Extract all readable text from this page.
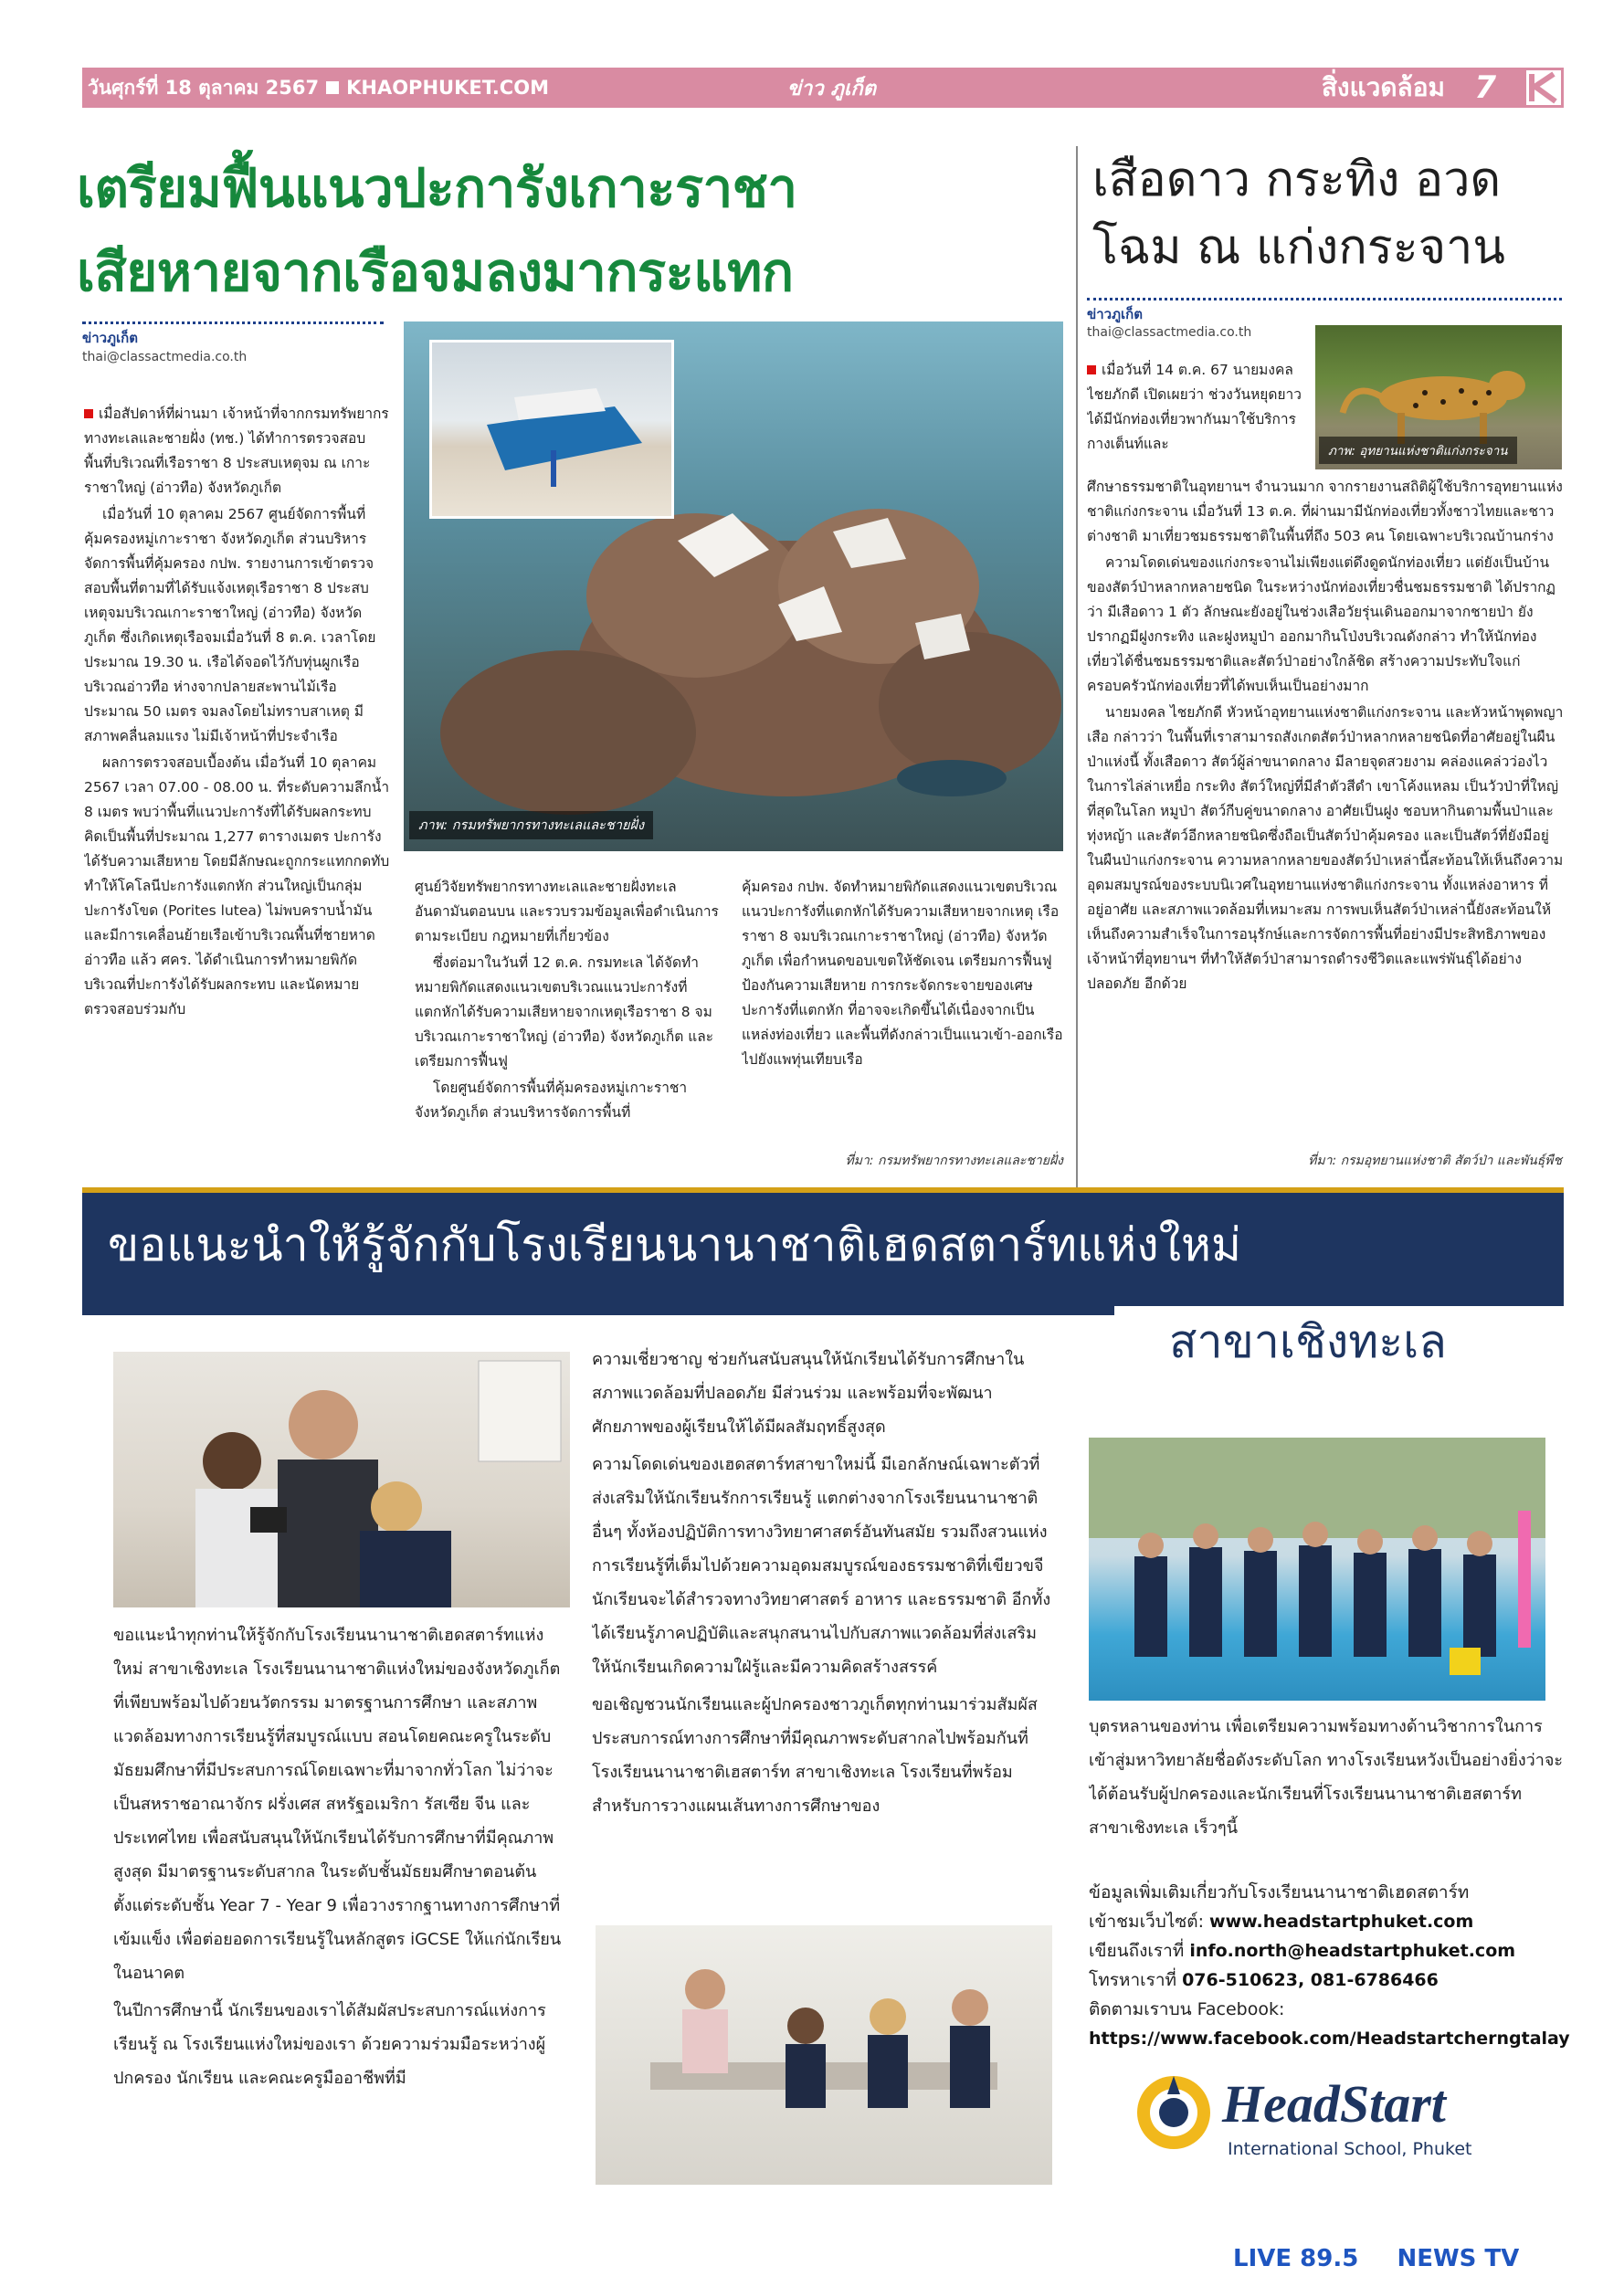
วันศุกร์ที่ 18 ตุลาคม 2567 KHAOPHUKET.COM	ข่าว ภูเก็ต	สิ่งแวดล้อม 7
เตรียมฟื้นแนวปะการังเกาะราชา
เสียหายจากเรือจมลงมากระแทก
เสือดาว กระทิง อวด
โฉม ณ แก่งกระจาน
ข่าวภูเก็ต
thai@classactmedia.co.th
ภาพ: กรมทรัพยากรทางทะเลและชายฝั่ง

เมื่อสัปดาห์ที่ผ่านมา เจ้าหน้าที่จากกรมทรัพยากรทางทะเลและชายฝั่ง (ทช.) ได้ทำการตรวจสอบพื้นที่บริเวณที่เรือราชา 8 ประสบเหตุจม ณ เกาะราชาใหญ่ (อ่าวทือ) จังหวัดภูเก็ต

เมื่อวันที่ 10 ตุลาคม 2567 ศูนย์จัดการพื้นที่คุ้มครองหมู่เกาะราชา จังหวัดภูเก็ต ส่วนบริหารจัดการพื้นที่คุ้มครอง กปพ. รายงานการเข้าตรวจสอบพื้นที่ตามที่ได้รับแจ้งเหตุเรือราชา 8 ประสบเหตุจมบริเวณเกาะราชาใหญ่ (อ่าวทือ) จังหวัดภูเก็ต ซึ่งเกิดเหตุเรือจมเมื่อวันที่ 8 ต.ค. เวลาโดยประมาณ 19.30 น. เรือได้จอดไว้กับทุ่นผูกเรือบริเวณอ่าวทือ ห่างจากปลายสะพานไม้เรือประมาณ 50 เมตร จมลงโดยไม่ทราบสาเหตุ มีสภาพคลื่นลมแรง ไม่มีเจ้าหน้าที่ประจำเรือ

ผลการตรวจสอบเบื้องต้น เมื่อวันที่ 10 ตุลาคม 2567 เวลา 07.00 - 08.00 น. ที่ระดับความลึกน้ำ 8 เมตร พบว่าพื้นที่แนวปะการังที่ได้รับผลกระทบ คิดเป็นพื้นที่ประมาณ 1,277 ตารางเมตร ปะการังได้รับความเสียหาย โดยมีลักษณะถูกกระแทกกดทับ ทำให้โคโลนีปะการังแตกหัก ส่วนใหญ่เป็นกลุ่มปะการังโขด (Porites lutea) ไม่พบคราบน้ำมัน และมีการเคลื่อนย้ายเรือเข้าบริเวณพื้นที่ชายหาดอ่าวทือ แล้ว ศคร. ได้ดำเนินการทำหมายพิกัดบริเวณที่ปะการังได้รับผลกระทบ และนัดหมายตรวจสอบร่วมกับ

ศูนย์วิจัยทรัพยากรทางทะเลและชายฝั่งทะเลอันดามันตอนบน และรวบรวมข้อมูลเพื่อดำเนินการตามระเบียบ กฎหมายที่เกี่ยวข้อง

ซึ่งต่อมาในวันที่ 12 ต.ค. กรมทะเล ได้จัดทำหมายพิกัดแสดงแนวเขตบริเวณแนวปะการังที่แตกหักได้รับความเสียหายจากเหตุเรือราชา 8 จมบริเวณเกาะราชาใหญ่ (อ่าวทือ) จังหวัดภูเก็ต และเตรียมการฟื้นฟู

โดยศูนย์จัดการพื้นที่คุ้มครองหมู่เกาะราชา จังหวัดภูเก็ต ส่วนบริหารจัดการพื้นที่

คุ้มครอง กปพ. จัดทำหมายพิกัดแสดงแนวเขตบริเวณแนวปะการังที่แตกหักได้รับความเสียหายจากเหตุ เรือราชา 8 จมบริเวณเกาะราชาใหญ่ (อ่าวทือ) จังหวัดภูเก็ต เพื่อกำหนดขอบเขตให้ชัดเจน เตรียมการฟื้นฟู ป้องกันความเสียหาย การกระจัดกระจายของเศษปะการังที่แตกหัก ที่อาจจะเกิดขึ้นได้เนื่องจากเป็นแหล่งท่องเที่ยว และพื้นที่ดังกล่าวเป็นแนวเข้า-ออกเรือ ไปยังแพทุ่นเทียบเรือ

ที่มา: กรมทรัพยากรทางทะเลและชายฝั่ง
ข่าวภูเก็ต
thai@classactmedia.co.th
ภาพ: อุทยานแห่งชาติแก่งกระจาน

เมื่อวันที่ 14 ต.ค. 67 นายมงคล ไชยภักดี เปิดเผยว่า ช่วงวันหยุดยาวได้มีนักท่องเที่ยวพากันมาใช้บริการกางเต็นท์และ

ศึกษาธรรมชาติในอุทยานฯ จำนวนมาก จากรายงานสถิติผู้ใช้บริการอุทยานแห่งชาติแก่งกระจาน เมื่อวันที่ 13 ต.ค. ที่ผ่านมามีนักท่องเที่ยวทั้งชาวไทยและชาวต่างชาติ มาเที่ยวชมธรรมชาติในพื้นที่ถึง 503 คน โดยเฉพาะบริเวณบ้านกร่าง

ความโดดเด่นของแก่งกระจานไม่เพียงแต่ดึงดูดนักท่องเที่ยว แต่ยังเป็นบ้านของสัตว์ป่าหลากหลายชนิด ในระหว่างนักท่องเที่ยวชื่นชมธรรมชาติ ได้ปรากฏว่า มีเสือดาว 1 ตัว ลักษณะยังอยู่ในช่วงเสือวัยรุ่นเดินออกมาจากชายป่า ยังปรากฏมีฝูงกระทิง และฝูงหมูป่า ออกมากินโป่งบริเวณดังกล่าว ทำให้นักท่องเที่ยวได้ชื่นชมธรรมชาติและสัตว์ป่าอย่างใกล้ชิด สร้างความประทับใจแก่ครอบครัวนักท่องเที่ยวที่ได้พบเห็นเป็นอย่างมาก

นายมงคล ไชยภักดี หัวหน้าอุทยานแห่งชาติแก่งกระจาน และหัวหน้าพุดพญาเสือ กล่าวว่า ในพื้นที่เราสามารถสังเกตสัตว์ป่าหลากหลายชนิดที่อาศัยอยู่ในผืนป่าแห่งนี้ ทั้งเสือดาว สัตว์ผู้ล่าขนาดกลาง มีลายจุดสวยงาม คล่องแคล่วว่องไวในการไล่ล่าเหยื่อ กระทิง สัตว์ใหญ่ที่มีลำตัวสีดำ เขาโค้งแหลม เป็นวัวป่าที่ใหญ่ที่สุดในโลก หมูป่า สัตว์กีบคู่ขนาดกลาง อาศัยเป็นฝูง ชอบหากินตามพื้นป่าและทุ่งหญ้า และสัตว์อีกหลายชนิดซึ่งถือเป็นสัตว์ป่าคุ้มครอง และเป็นสัตว์ที่ยังมีอยู่ในผืนป่าแก่งกระจาน ความหลากหลายของสัตว์ป่าเหล่านี้สะท้อนให้เห็นถึงความอุดมสมบูรณ์ของระบบนิเวศในอุทยานแห่งชาติแก่งกระจาน ทั้งแหล่งอาหาร ที่อยู่อาศัย และสภาพแวดล้อมที่เหมาะสม การพบเห็นสัตว์ป่าเหล่านี้ยังสะท้อนให้เห็นถึงความสำเร็จในการอนุรักษ์และการจัดการพื้นที่อย่างมีประสิทธิภาพของเจ้าหน้าที่อุทยานฯ ที่ทำให้สัตว์ป่าสามารถดำรงชีวิตและแพร่พันธุ์ได้อย่างปลอดภัย อีกด้วย

ที่มา: กรมอุทยานแห่งชาติ สัตว์ป่า และพันธุ์พืช
ขอแนะนำให้รู้จักกับโรงเรียนนานาชาติเฮดสตาร์ทแห่งใหม่
สาขาเชิงทะเล

ขอแนะนำทุกท่านให้รู้จักกับโรงเรียนนานาชาติเฮดสตาร์ทแห่งใหม่ สาขาเชิงทะเล โรงเรียนนานาชาติแห่งใหม่ของจังหวัดภูเก็ตที่เพียบพร้อมไปด้วยนวัตกรรม มาตรฐานการศึกษา และสภาพแวดล้อมทางการเรียนรู้ที่สมบูรณ์แบบ สอนโดยคณะครูในระดับมัธยมศึกษาที่มีประสบการณ์โดยเฉพาะที่มาจากทั่วโลก ไม่ว่าจะเป็นสหราชอาณาจักร ฝรั่งเศส สหรัฐอเมริกา รัสเซีย จีน และประเทศไทย เพื่อสนับสนุนให้นักเรียนได้รับการศึกษาที่มีคุณภาพสูงสุด มีมาตรฐานระดับสากล ในระดับชั้นมัธยมศึกษาตอนต้น ตั้งแต่ระดับชั้น Year 7 - Year 9 เพื่อวางรากฐานทางการศึกษาที่เข้มแข็ง เพื่อต่อยอดการเรียนรู้ในหลักสูตร iGCSE ให้แก่นักเรียนในอนาคต

ในปีการศึกษานี้ นักเรียนของเราได้สัมผัสประสบการณ์แห่งการเรียนรู้ ณ โรงเรียนแห่งใหม่ของเรา ด้วยความร่วมมือระหว่างผู้ปกครอง นักเรียน และคณะครูมืออาชีพที่มี

ความเชี่ยวชาญ ช่วยกันสนับสนุนให้นักเรียนได้รับการศึกษาในสภาพแวดล้อมที่ปลอดภัย มีส่วนร่วม และพร้อมที่จะพัฒนาศักยภาพของผู้เรียนให้ได้มีผลสัมฤทธิ์สูงสุด

ความโดดเด่นของเฮดสตาร์ทสาขาใหม่นี้ มีเอกลักษณ์เฉพาะตัวที่ส่งเสริมให้นักเรียนรักการเรียนรู้ แตกต่างจากโรงเรียนนานาชาติอื่นๆ ทั้งห้องปฏิบัติการทางวิทยาศาสตร์อันทันสมัย รวมถึงสวนแห่งการเรียนรู้ที่เต็มไปด้วยความอุดมสมบูรณ์ของธรรมชาติที่เขียวขจี นักเรียนจะได้สำรวจทางวิทยาศาสตร์ อาหาร และธรรมชาติ อีกทั้งได้เรียนรู้ภาคปฏิบัติและสนุกสนานไปกับสภาพแวดล้อมที่ส่งเสริมให้นักเรียนเกิดความใฝ่รู้และมีความคิดสร้างสรรค์

ขอเชิญชวนนักเรียนและผู้ปกครองชาวภูเก็ตทุกท่านมาร่วมสัมผัสประสบการณ์ทางการศึกษาที่มีคุณภาพระดับสากลไปพร้อมกันที่โรงเรียนนานาชาติเฮสตาร์ท สาขาเชิงทะเล โรงเรียนที่พร้อมสำหรับการวางแผนเส้นทางการศึกษาของ

บุตรหลานของท่าน เพื่อเตรียมความพร้อมทางด้านวิชาการในการเข้าสู่มหาวิทยาลัยชื่อดังระดับโลก ทางโรงเรียนหวังเป็นอย่างยิ่งว่าจะได้ต้อนรับผู้ปกครองและนักเรียนที่โรงเรียนนานาชาติเฮสตาร์ท สาขาเชิงทะเล เร็วๆนี้

ข้อมูลเพิ่มเติมเกี่ยวกับโรงเรียนนานาชาติเฮดสตาร์ท
เข้าชมเว็บไซต์: www.headstartphuket.com
เขียนถึงเราที่ info.north@headstartphuket.com
โทรหาเราที่ 076-510623, 081-6786466
ติดตามเราบน Facebook:
https://www.facebook.com/Headstartcherngtalay
HeadStart
International School, Phuket
LIVE 89.5 NEWS TV
